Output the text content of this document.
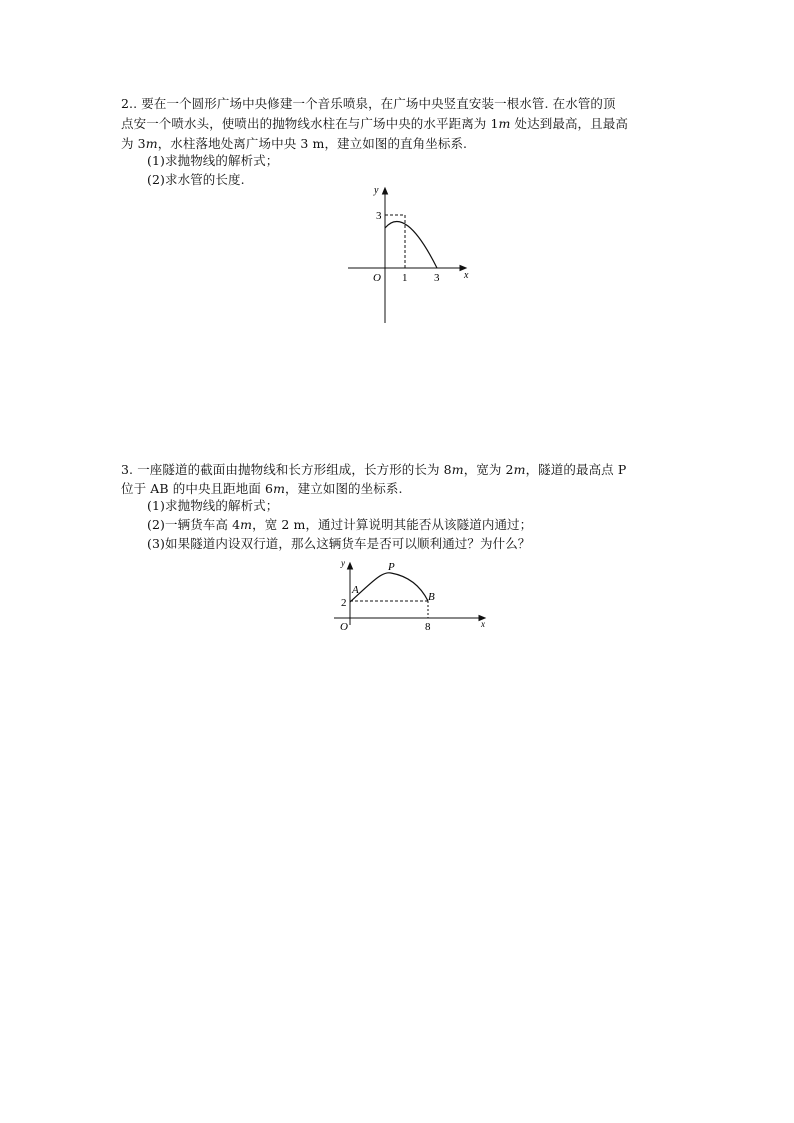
2.. 要在一个圆形广场中央修建一个音乐喷泉，在广场中央竖直安装一根水管. 在水管的顶
点安一个喷水头，使喷出的抛物线水柱在与广场中央的水平距离为 1m 处达到最高，且最高
为 3m，水柱落地处离广场中央 3 m，建立如图的直角坐标系.
(1)求抛物线的解析式；
(2)求水管的长度.
y
x
O
3
1 3
3. 一座隧道的截面由抛物线和长方形组成，长方形的长为 8m，宽为 2m，隧道的最高点 P
位于 AB 的中央且距地面 6m，建立如图的坐标系.
(1)求抛物线的解析式；
(2)一辆货车高 4m，宽 2 m，通过计算说明其能否从该隧道内通过；
(3)如果隧道内设双行道，那么这辆货车是否可以顺利通过？为什么？
y
x
O
A
P
B
2
8
